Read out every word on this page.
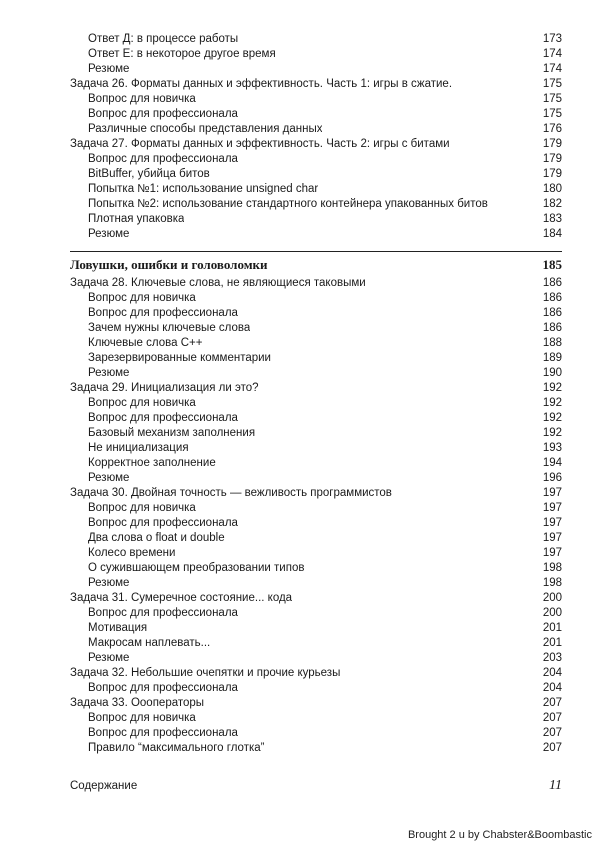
Ответ Д: в процессе работы	173
Ответ Е: в некоторое другое время	174
Резюме	174
Задача 26. Форматы данных и эффективность. Часть 1: игры в сжатие.	175
Вопрос для новичка	175
Вопрос для профессионала	175
Различные способы представления данных	176
Задача 27. Форматы данных и эффективность. Часть 2: игры с битами	179
Вопрос для профессионала	179
BitBuffer, убийца битов	179
Попытка №1: использование unsigned char	180
Попытка №2: использование стандартного контейнера упакованных битов	182
Плотная упаковка	183
Резюме	184
Ловушки, ошибки и головоломки	185
Задача 28. Ключевые слова, не являющиеся таковыми	186
Вопрос для новичка	186
Вопрос для профессионала	186
Зачем нужны ключевые слова	186
Ключевые слова С++	188
Зарезервированные комментарии	189
Резюме	190
Задача 29. Инициализация ли это?	192
Вопрос для новичка	192
Вопрос для профессионала	192
Базовый механизм заполнения	192
Не инициализация	193
Корректное заполнение	194
Резюме	196
Задача 30. Двойная точность — вежливость программистов	197
Вопрос для новичка	197
Вопрос для профессионала	197
Два слова о float и double	197
Колесо времени	197
О сужившающем преобразовании типов	198
Резюме	198
Задача 31. Сумеречное состояние... кода	200
Вопрос для профессионала	200
Мотивация	201
Макросам наплевать...	201
Резюме	203
Задача 32. Небольшие очепятки и прочие курьезы	204
Вопрос для профессионала	204
Задача 33. Оооператоры	207
Вопрос для новичка	207
Вопрос для профессионала	207
Правило “максимального глотка”	207
Содержание	11
Brought 2 u by Chabster&Boombastic
